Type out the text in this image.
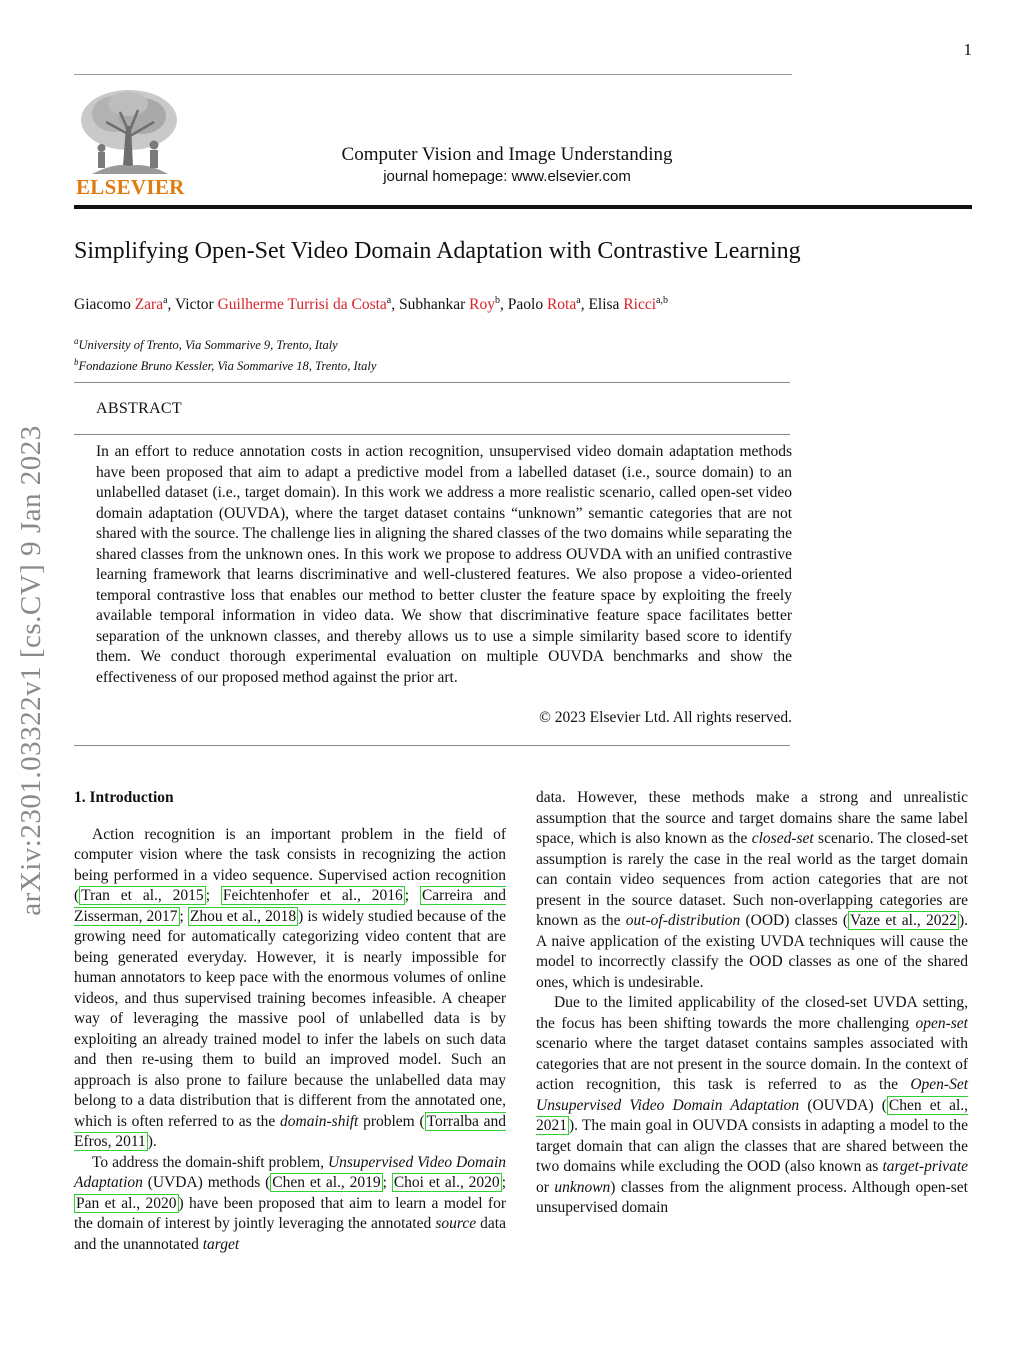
1
arXiv:2301.03322v1 [cs.CV] 9 Jan 2023
ELSEVIER
Computer Vision and Image Understanding
journal homepage: www.elsevier.com
Simplifying Open-Set Video Domain Adaptation with Contrastive Learning
Giacomo Zara$^a$, Victor Guilherme Turrisi da Costa$^a$, Subhankar Roy$^b$, Paolo Rota$^a$, Elisa Ricci$^{a,b}$
$^a$University of Trento, Via Sommarive 9, Trento, Italy
$^b$Fondazione Bruno Kessler, Via Sommarive 18, Trento, Italy
ABSTRACT
In an effort to reduce annotation costs in action recognition, unsupervised video domain adaptation methods have been proposed that aim to adapt a predictive model from a labelled dataset (i.e., source domain) to an unlabelled dataset (i.e., target domain). In this work we address a more realistic scenario, called open-set video domain adaptation (OUVDA), where the target dataset contains “unknown” semantic categories that are not shared with the source. The challenge lies in aligning the shared classes of the two domains while separating the shared classes from the unknown ones. In this work we propose to address OUVDA with an unified contrastive learning framework that learns discriminative and well-clustered features. We also propose a video-oriented temporal contrastive loss that enables our method to better cluster the feature space by exploiting the freely available temporal information in video data. We show that discriminative feature space facilitates better separation of the unknown classes, and thereby allows us to use a simple similarity based score to identify them. We conduct thorough experimental evaluation on multiple OUVDA benchmarks and show the effectiveness of our proposed method against the prior art.
© 2023 Elsevier Ltd. All rights reserved.
1. Introduction

Action recognition is an important problem in the field of computer vision where the task consists in recognizing the action being performed in a video sequence. Supervised action recognition ( Tran et al., 2015 ; Feichtenhofer et al., 2016 ; Carreira and Zisserman, 2017 ; Zhou et al., 2018 ) is widely studied because of the growing need for automatically categorizing video content that are being generated everyday. However, it is nearly impossible for human annotators to keep pace with the enormous volumes of online videos, and thus supervised training becomes infeasible. A cheaper way of leveraging the massive pool of unlabelled data is by exploiting an already trained model to infer the labels on such data and then re-using them to build an improved model. Such an approach is also prone to failure because the unlabelled data may belong to a data distribution that is different from the annotated one, which is often referred to as the domain-shift problem ( Torralba and Efros, 2011 ).

To address the domain-shift problem, Unsupervised Video Domain Adaptation (UVDA) methods ( Chen et al., 2019 ; Choi et al., 2020 ; Pan et al., 2020 ) have been proposed that aim to learn a model for the domain of interest by jointly leveraging the annotated source data and the unannotated target

data. However, these methods make a strong and unrealistic assumption that the source and target domains share the same label space, which is also known as the closed-set scenario. The closed-set assumption is rarely the case in the real world as the target domain can contain video sequences from action categories that are not present in the source dataset. Such non-overlapping categories are known as the out-of-distribution (OOD) classes ( Vaze et al., 2022 ). A naive application of the existing UVDA techniques will cause the model to incorrectly classify the OOD classes as one of the shared ones, which is undesirable.

Due to the limited applicability of the closed-set UVDA setting, the focus has been shifting towards the more challenging open-set scenario where the target dataset contains samples associated with categories that are not present in the source domain. In the context of action recognition, this task is referred to as the Open-Set Unsupervised Video Domain Adaptation (OUVDA) ( Chen et al., 2021 ). The main goal in OUVDA consists in adapting a model to the target domain that can align the classes that are shared between the two domains while excluding the OOD (also known as target-private or unknown) classes from the alignment process. Although open-set unsupervised domain
